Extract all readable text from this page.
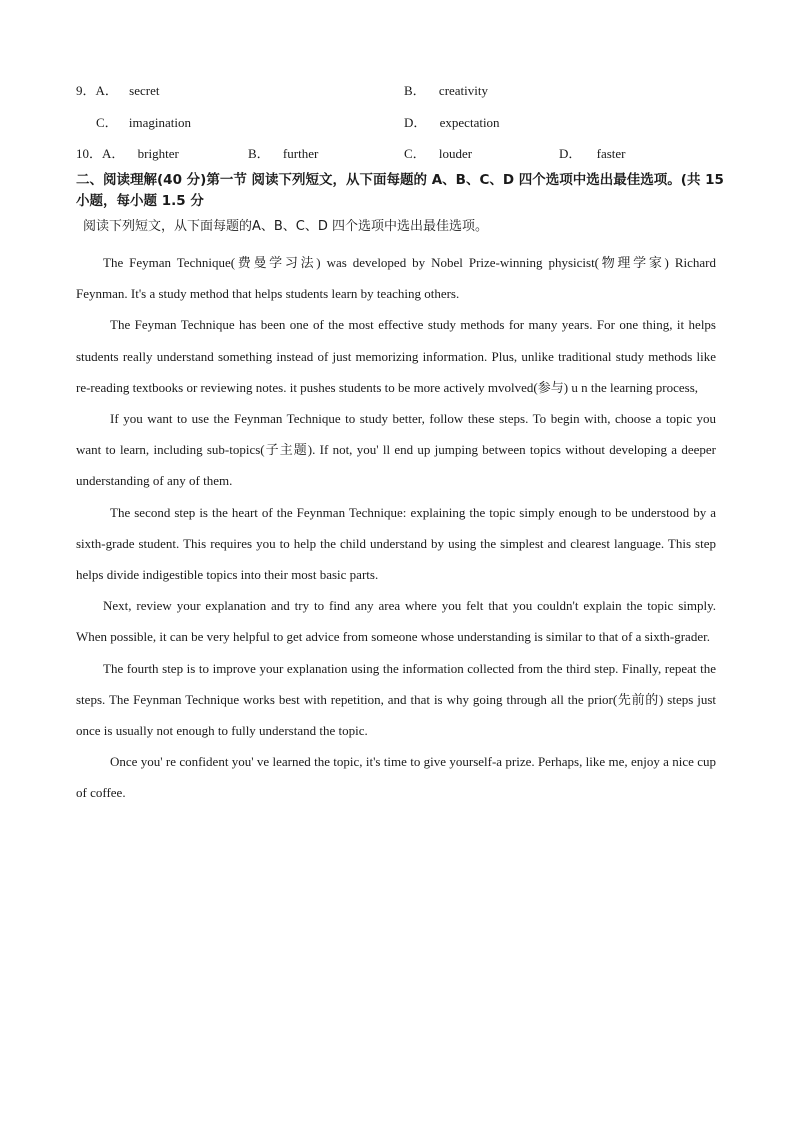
9．A． secret	B． creativity
C． imagination	D． expectation
10．A． brighter	B． further	C． louder	D． faster
二、阅读理解(40 分)第一节 阅读下列短文，从下面每题的 A、B、C、D 四个选项中选出最佳选项。(共 15 小题，每小题 1.5 分
阅读下列短文，从下面每题的A、B、C、D 四个选项中选出最佳选项。

The Feyman Technique(费曼学习法) was developed by Nobel Prize-winning physicist(物理学家) Richard Feynman. It's a study method that helps students learn by teaching others.

The Feyman Technique has been one of the most effective study methods for many years. For one thing, it helps students really understand something instead of just memorizing information. Plus, unlike traditional study methods like re-reading textbooks or reviewing notes. it pushes students to be more actively mvolved(参与) u n the learning process,

If you want to use the Feynman Technique to study better, follow these steps. To begin with, choose a topic you want to learn, including sub-topics(子主题). If not, you' ll end up jumping between topics without developing a deeper understanding of any of them.

The second step is the heart of the Feynman Technique: explaining the topic simply enough to be understood by a sixth-grade student. This requires you to help the child understand by using the simplest and clearest language. This step helps divide indigestible topics into their most basic parts.

Next, review your explanation and try to find any area where you felt that you couldn't explain the topic simply. When possible, it can be very helpful to get advice from someone whose understanding is similar to that of a sixth-grader.

The fourth step is to improve your explanation using the information collected from the third step. Finally, repeat the steps. The Feynman Technique works best with repetition, and that is why going through all the prior(先前的) steps just once is usually not enough to fully understand the topic.

Once you' re confident you' ve learned the topic, it's time to give yourself-a prize. Perhaps, like me, enjoy a nice cup of coffee.
